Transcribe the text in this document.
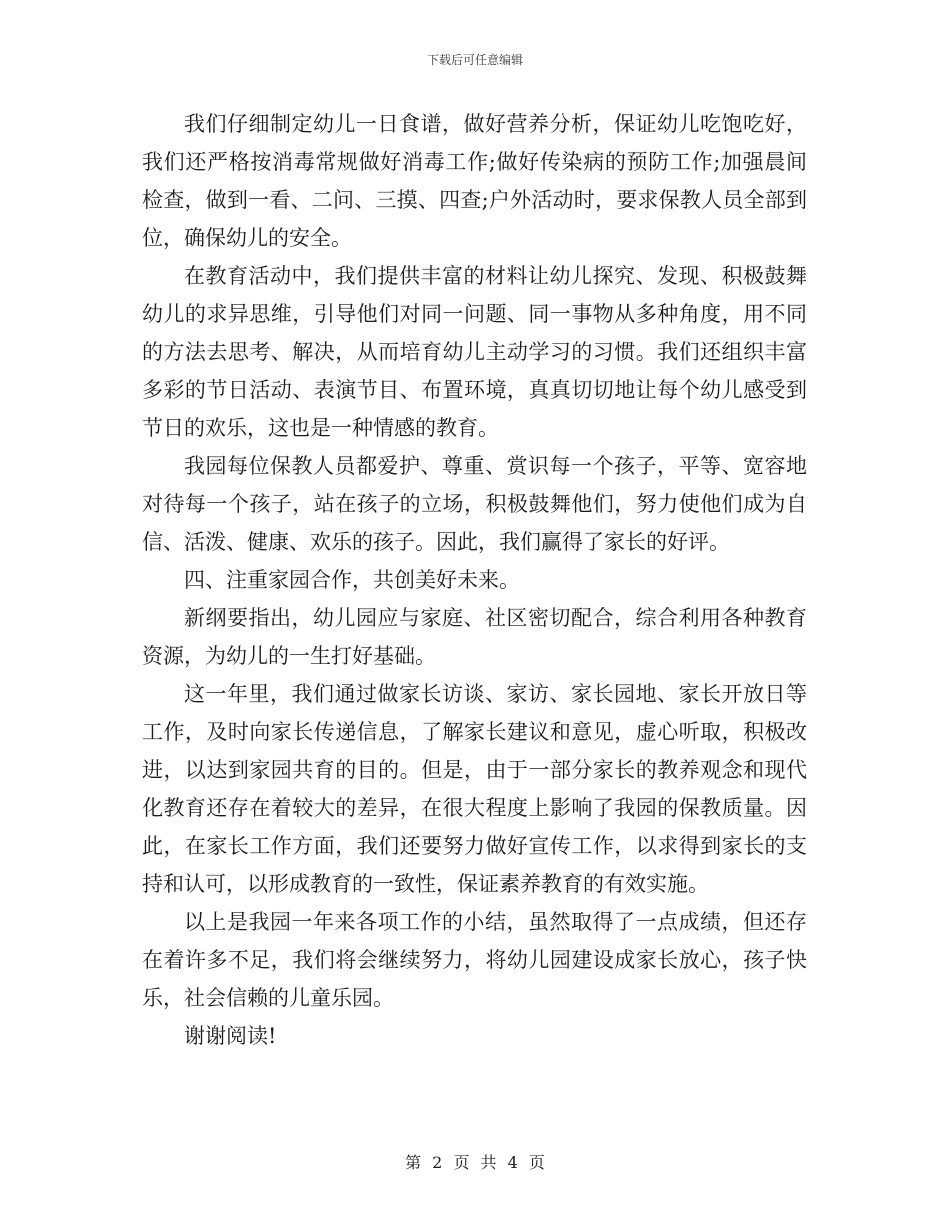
下载后可任意编辑

我们仔细制定幼儿一日食谱，做好营养分析，保证幼儿吃饱吃好，我们还严格按消毒常规做好消毒工作;做好传染病的预防工作;加强晨间检查，做到一看、二问、三摸、四查;户外活动时，要求保教人员全部到位，确保幼儿的安全。

在教育活动中，我们提供丰富的材料让幼儿探究、发现、积极鼓舞幼儿的求异思维，引导他们对同一问题、同一事物从多种角度，用不同的方法去思考、解决，从而培育幼儿主动学习的习惯。我们还组织丰富多彩的节日活动、表演节目、布置环境，真真切切地让每个幼儿感受到节日的欢乐，这也是一种情感的教育。

我园每位保教人员都爱护、尊重、赏识每一个孩子，平等、宽容地对待每一个孩子，站在孩子的立场，积极鼓舞他们，努力使他们成为自信、活泼、健康、欢乐的孩子。因此，我们赢得了家长的好评。

四、注重家园合作，共创美好未来。

新纲要指出，幼儿园应与家庭、社区密切配合，综合利用各种教育资源，为幼儿的一生打好基础。

这一年里，我们通过做家长访谈、家访、家长园地、家长开放日等工作，及时向家长传递信息，了解家长建议和意见，虚心听取，积极改进，以达到家园共育的目的。但是，由于一部分家长的教养观念和现代化教育还存在着较大的差异，在很大程度上影响了我园的保教质量。因此，在家长工作方面，我们还要努力做好宣传工作，以求得到家长的支持和认可，以形成教育的一致性，保证素养教育的有效实施。

以上是我园一年来各项工作的小结，虽然取得了一点成绩，但还存在着许多不足，我们将会继续努力，将幼儿园建设成家长放心，孩子快乐，社会信赖的儿童乐园。

谢谢阅读!

第 2 页 共 4 页
